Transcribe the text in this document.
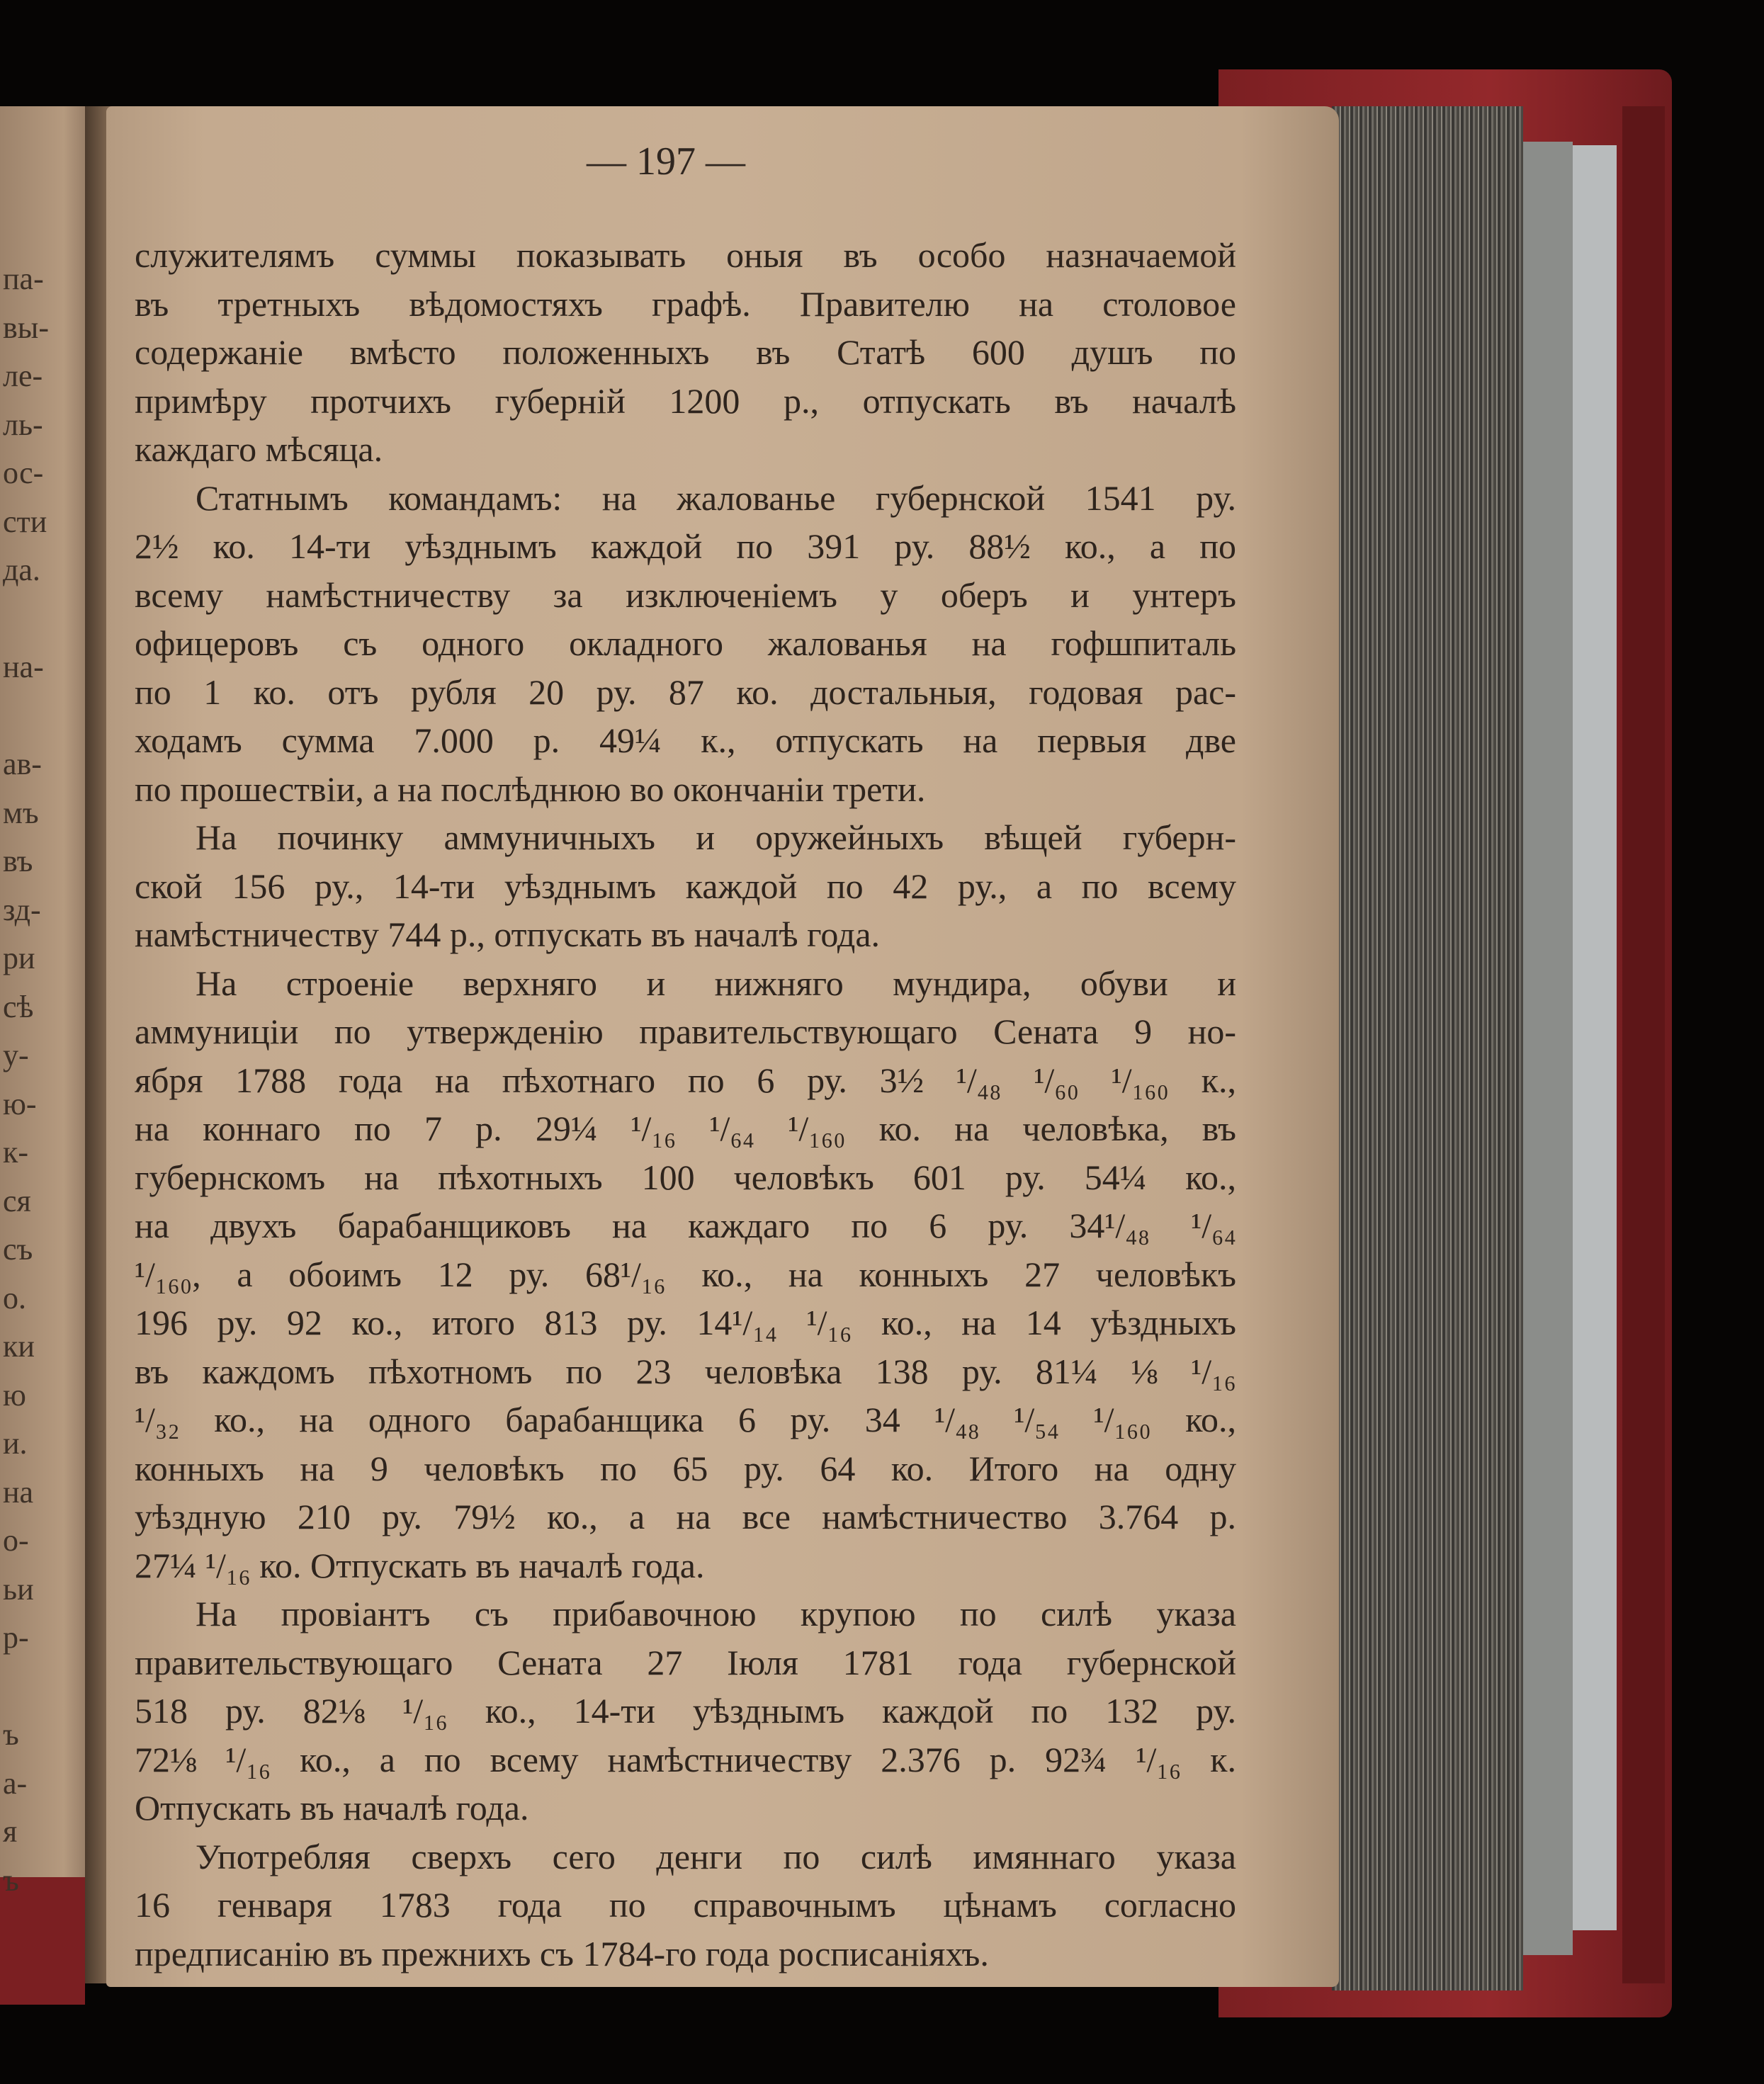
па-
вы-
ле-
ль-
ос-
сти
да.
на-
ав-
мъ
въ
зд-
ри
сѣ
у-
ю-
к-
ся
съ
о.
ки
ю
и.
на
о-
ьи
р-
ъ
а-
я
ъ
— 197 —
служителямъ суммы показывать оныя въ особо назначаемой
въ третныхъ вѣдомостяхъ графѣ. Правителю на столовое
содержаніе вмѣсто положенныхъ въ Статѣ 600 душъ по
примѣру протчихъ губерній 1200 р., отпускать въ началѣ
каждаго мѣсяца.
Статнымъ командамъ: на жалованье губернской 1541 ру.
2½ ко. 14-ти уѣзднымъ каждой по 391 ру. 88½ ко., а по
всему намѣстничеству за изключеніемъ у оберъ и унтеръ
офицеровъ съ одного окладного жалованья на гофшпиталь
по 1 ко. отъ рубля 20 ру. 87 ко. достальныя, годовая рас-
ходамъ сумма 7.000 р. 49¼ к., отпускать на первыя две
по прошествіи, а на послѣднюю во окончаніи трети.
На починку аммуничныхъ и оружейныхъ вѣщей губерн-
ской 156 ру., 14-ти уѣзднымъ каждой по 42 ру., а по всему
намѣстничеству 744 р., отпускать въ началѣ года.
На строеніе верхняго и нижняго мундира, обуви и
аммуниціи по утвержденію правительствующаго Сената 9 но-
ября 1788 года на пѣхотнаго по 6 ру. 3½ ¹/₄₈ ¹/₆₀ ¹/₁₆₀ к.,
на коннаго по 7 р. 29¼ ¹/₁₆ ¹/₆₄ ¹/₁₆₀ ко. на человѣка, въ
губернскомъ на пѣхотныхъ 100 человѣкъ 601 ру. 54¼ ко.,
на двухъ барабанщиковъ на каждаго по 6 ру. 34¹/₄₈ ¹/₆₄
¹/₁₆₀, а обоимъ 12 ру. 68¹/₁₆ ко., на конныхъ 27 человѣкъ
196 ру. 92 ко., итого 813 ру. 14¹/₁₄ ¹/₁₆ ко., на 14 уѣздныхъ
въ каждомъ пѣхотномъ по 23 человѣка 138 ру. 81¼ ⅛ ¹/₁₆
¹/₃₂ ко., на одного барабанщика 6 ру. 34 ¹/₄₈ ¹/₅₄ ¹/₁₆₀ ко.,
конныхъ на 9 человѣкъ по 65 ру. 64 ко. Итого на одну
уѣздную 210 ру. 79½ ко., а на все намѣстничество 3.764 р.
27¼ ¹/₁₆ ко. Отпускать въ началѣ года.
На провіантъ съ прибавочною крупою по силѣ указа
правительствующаго Сената 27 Іюля 1781 года губернской
518 ру. 82⅛ ¹/₁₆ ко., 14-ти уѣзднымъ каждой по 132 ру.
72⅛ ¹/₁₆ ко., а по всему намѣстничеству 2.376 р. 92¾ ¹/₁₆ к.
Отпускать въ началѣ года.
Употребляя сверхъ сего денги по силѣ имяннаго указа
16 генваря 1783 года по справочнымъ цѣнамъ согласно
предписанію въ прежнихъ съ 1784-го года росписаніяхъ.
